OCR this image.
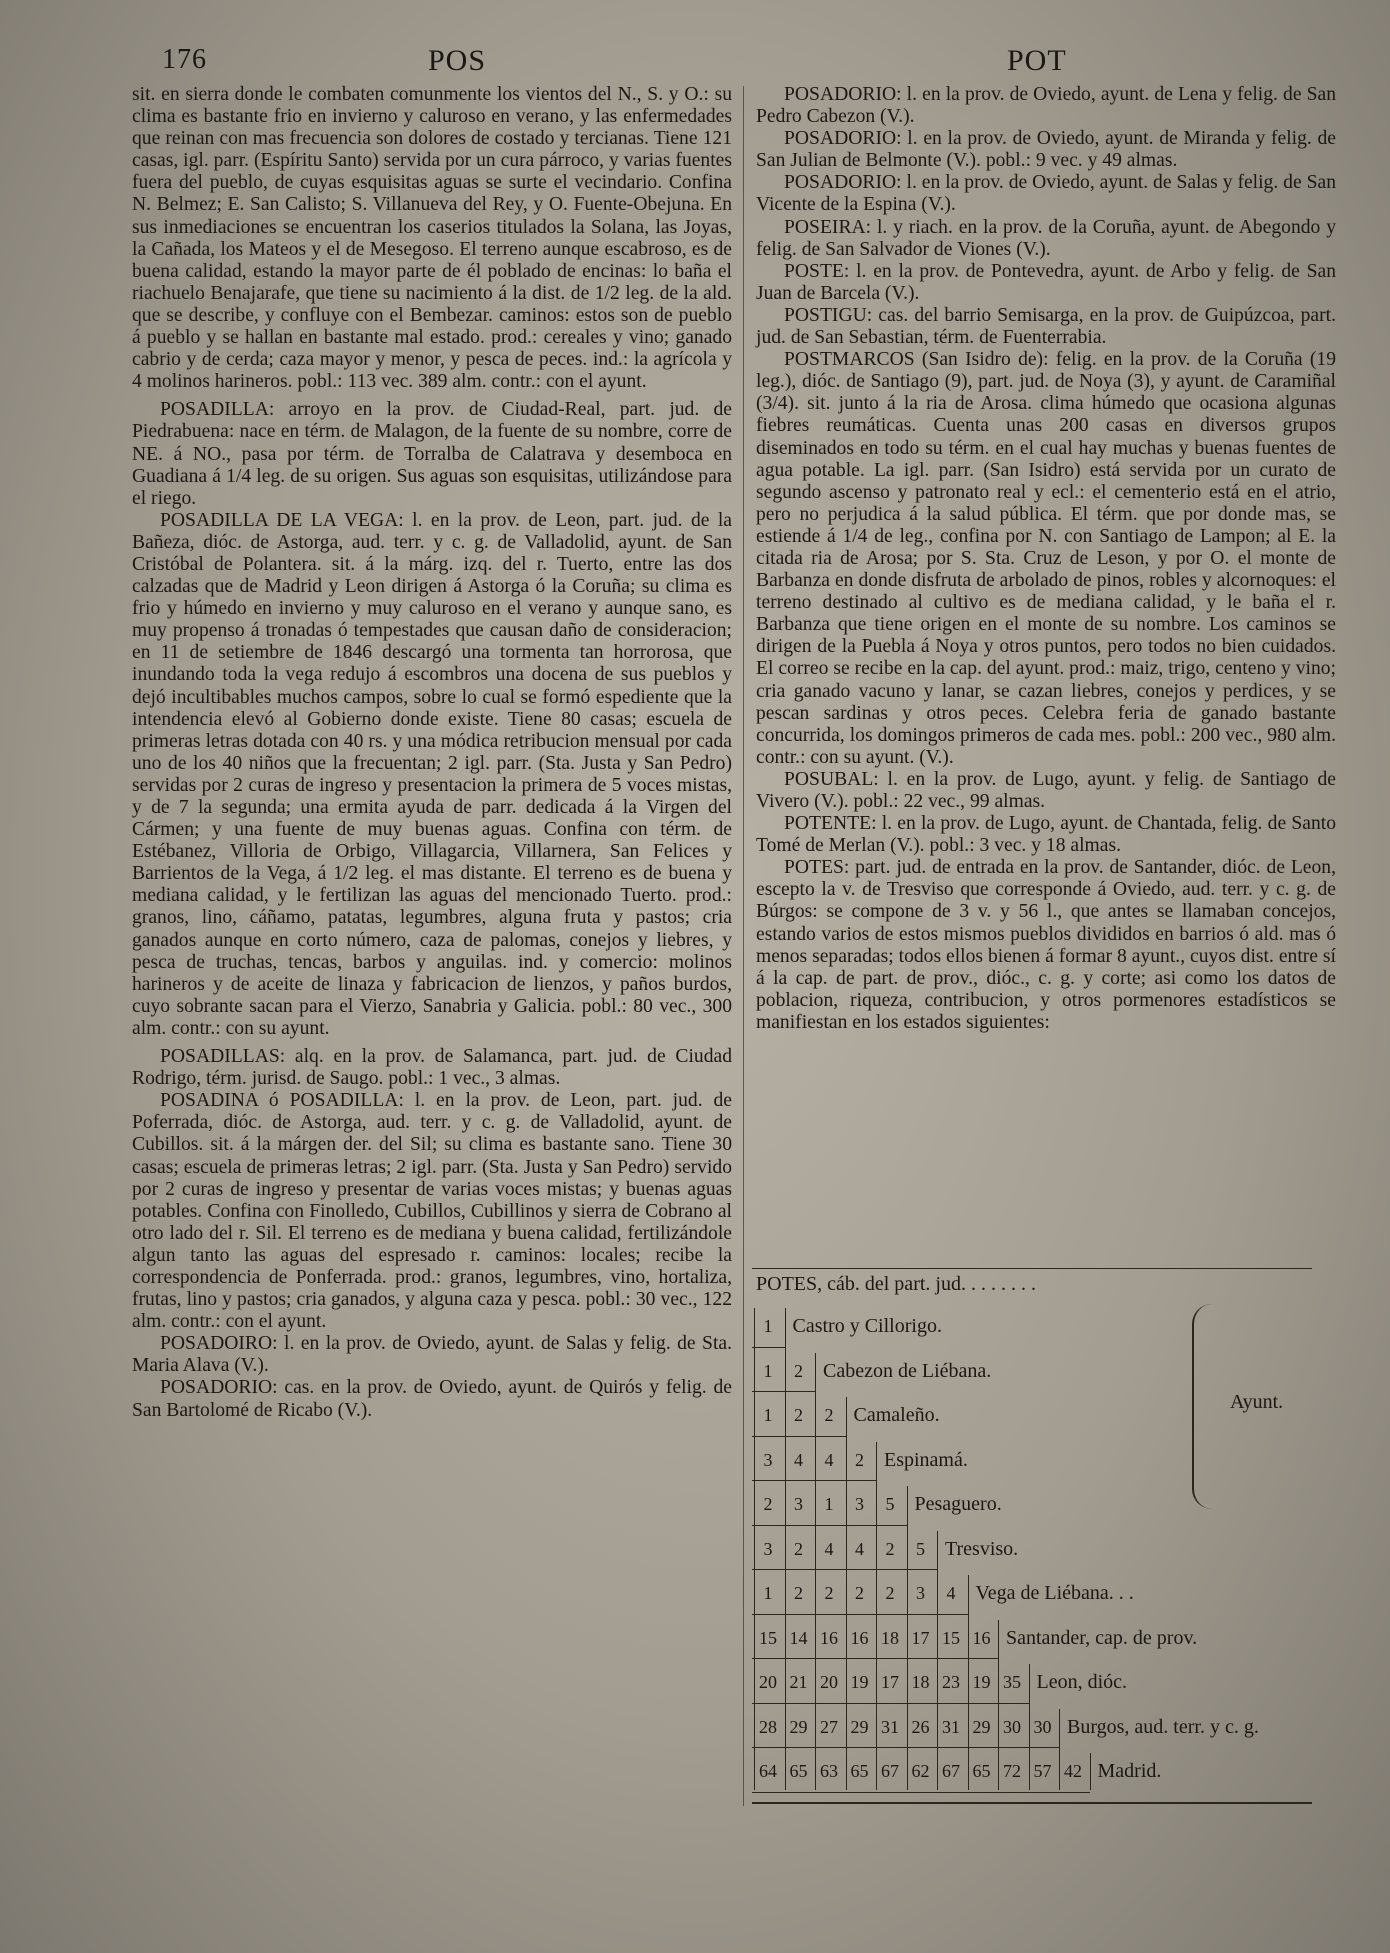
176	POS	POT

sit. en sierra donde le combaten comunmente los vientos del N., S. y O.: su clima es bastante frio en invierno y caluroso en verano, y las enfermedades que reinan con mas frecuencia son dolores de costado y tercianas. Tiene 121 casas, igl. parr. (Espíritu Santo) servida por un cura párroco, y varias fuentes fuera del pueblo, de cuyas esquisitas aguas se surte el vecindario. Confina N. Belmez; E. San Calisto; S. Villanueva del Rey, y O. Fuente-Obejuna. En sus inmediaciones se encuentran los caserios titulados la Solana, las Joyas, la Cañada, los Mateos y el de Mesegoso. El terreno aunque escabroso, es de buena calidad, estando la mayor parte de él poblado de encinas: lo baña el riachuelo Benajarafe, que tiene su nacimiento á la dist. de 1/2 leg. de la ald. que se describe, y confluye con el Bembezar. caminos: estos son de pueblo á pueblo y se hallan en bastante mal estado. prod.: cereales y vino; ganado cabrio y de cerda; caza mayor y menor, y pesca de peces. ind.: la agrícola y 4 molinos harineros. pobl.: 113 vec. 389 alm. contr.: con el ayunt.

POSADILLA: arroyo en la prov. de Ciudad-Real, part. jud. de Piedrabuena: nace en térm. de Malagon, de la fuente de su nombre, corre de NE. á NO., pasa por térm. de Torralba de Calatrava y desemboca en Guadiana á 1/4 leg. de su origen. Sus aguas son esquisitas, utilizándose para el riego.

POSADILLA DE LA VEGA: l. en la prov. de Leon, part. jud. de la Bañeza, dióc. de Astorga, aud. terr. y c. g. de Valladolid, ayunt. de San Cristóbal de Polantera. sit. á la márg. izq. del r. Tuerto, entre las dos calzadas que de Madrid y Leon dirigen á Astorga ó la Coruña; su clima es frio y húmedo en invierno y muy caluroso en el verano y aunque sano, es muy propenso á tronadas ó tempestades que causan daño de consideracion; en 11 de setiembre de 1846 descargó una tormenta tan horrorosa, que inundando toda la vega redujo á escombros una docena de sus pueblos y dejó incultibables muchos campos, sobre lo cual se formó espediente que la intendencia elevó al Gobierno donde existe. Tiene 80 casas; escuela de primeras letras dotada con 40 rs. y una módica retribucion mensual por cada uno de los 40 niños que la frecuentan; 2 igl. parr. (Sta. Justa y San Pedro) servidas por 2 curas de ingreso y presentacion la primera de 5 voces mistas, y de 7 la segunda; una ermita ayuda de parr. dedicada á la Virgen del Cármen; y una fuente de muy buenas aguas. Confina con térm. de Estébanez, Villoria de Orbigo, Villagarcia, Villarnera, San Felices y Barrientos de la Vega, á 1/2 leg. el mas distante. El terreno es de buena y mediana calidad, y le fertilizan las aguas del mencionado Tuerto. prod.: granos, lino, cáñamo, patatas, legumbres, alguna fruta y pastos; cria ganados aunque en corto número, caza de palomas, conejos y liebres, y pesca de truchas, tencas, barbos y anguilas. ind. y comercio: molinos harineros y de aceite de linaza y fabricacion de lienzos, y paños burdos, cuyo sobrante sacan para el Vierzo, Sanabria y Galicia. pobl.: 80 vec., 300 alm. contr.: con su ayunt.

POSADILLAS: alq. en la prov. de Salamanca, part. jud. de Ciudad Rodrigo, térm. jurisd. de Saugo. pobl.: 1 vec., 3 almas.

POSADINA ó POSADILLA: l. en la prov. de Leon, part. jud. de Poferrada, dióc. de Astorga, aud. terr. y c. g. de Valladolid, ayunt. de Cubillos. sit. á la márgen der. del Sil; su clima es bastante sano. Tiene 30 casas; escuela de primeras letras; 2 igl. parr. (Sta. Justa y San Pedro) servido por 2 curas de ingreso y presentar de varias voces mistas; y buenas aguas potables. Confina con Finolledo, Cubillos, Cubillinos y sierra de Cobrano al otro lado del r. Sil. El terreno es de mediana y buena calidad, fertilizándole algun tanto las aguas del espresado r. caminos: locales; recibe la correspondencia de Ponferrada. prod.: granos, legumbres, vino, hortaliza, frutas, lino y pastos; cria ganados, y alguna caza y pesca. pobl.: 30 vec., 122 alm. contr.: con el ayunt.

POSADOIRO: l. en la prov. de Oviedo, ayunt. de Salas y felig. de Sta. Maria Alava (V.).

POSADORIO: cas. en la prov. de Oviedo, ayunt. de Quirós y felig. de San Bartolomé de Ricabo (V.).

POSADORIO: l. en la prov. de Oviedo, ayunt. de Lena y felig. de San Pedro Cabezon (V.).

POSADORIO: l. en la prov. de Oviedo, ayunt. de Miranda y felig. de San Julian de Belmonte (V.). pobl.: 9 vec. y 49 almas.

POSADORIO: l. en la prov. de Oviedo, ayunt. de Salas y felig. de San Vicente de la Espina (V.).

POSEIRA: l. y riach. en la prov. de la Coruña, ayunt. de Abegondo y felig. de San Salvador de Viones (V.).

POSTE: l. en la prov. de Pontevedra, ayunt. de Arbo y felig. de San Juan de Barcela (V.).

POSTIGU: cas. del barrio Semisarga, en la prov. de Guipúzcoa, part. jud. de San Sebastian, térm. de Fuenterrabia.

POSTMARCOS (San Isidro de): felig. en la prov. de la Coruña (19 leg.), dióc. de Santiago (9), part. jud. de Noya (3), y ayunt. de Caramiñal (3/4). sit. junto á la ria de Arosa. clima húmedo que ocasiona algunas fiebres reumáticas. Cuenta unas 200 casas en diversos grupos diseminados en todo su térm. en el cual hay muchas y buenas fuentes de agua potable. La igl. parr. (San Isidro) está servida por un curato de segundo ascenso y patronato real y ecl.: el cementerio está en el atrio, pero no perjudica á la salud pública. El térm. que por donde mas, se estiende á 1/4 de leg., confina por N. con Santiago de Lampon; al E. la citada ria de Arosa; por S. Sta. Cruz de Leson, y por O. el monte de Barbanza en donde disfruta de arbolado de pinos, robles y alcornoques: el terreno destinado al cultivo es de mediana calidad, y le baña el r. Barbanza que tiene origen en el monte de su nombre. Los caminos se dirigen de la Puebla á Noya y otros puntos, pero todos no bien cuidados. El correo se recibe en la cap. del ayunt. prod.: maiz, trigo, centeno y vino; cria ganado vacuno y lanar, se cazan liebres, conejos y perdices, y se pescan sardinas y otros peces. Celebra feria de ganado bastante concurrida, los domingos primeros de cada mes. pobl.: 200 vec., 980 alm. contr.: con su ayunt. (V.).

POSUBAL: l. en la prov. de Lugo, ayunt. y felig. de Santiago de Vivero (V.). pobl.: 22 vec., 99 almas.

POTENTE: l. en la prov. de Lugo, ayunt. de Chantada, felig. de Santo Tomé de Merlan (V.). pobl.: 3 vec. y 18 almas.

POTES: part. jud. de entrada en la prov. de Santander, dióc. de Leon, escepto la v. de Tresviso que corresponde á Oviedo, aud. terr. y c. g. de Búrgos: se compone de 3 v. y 56 l., que antes se llamaban concejos, estando varios de estos mismos pueblos divididos en barrios ó ald. mas ó menos separadas; todos ellos bienen á formar 8 ayunt., cuyos dist. entre sí á la cap. de part. de prov., dióc., c. g. y corte; asi como los datos de poblacion, riqueza, contribucion, y otros pormenores estadísticos se manifiestan en los estados siguientes:

POTES, cáb. del part. jud. . . . . . . .
Ayunt.
1	Castro y Cillorigo.
1	2	Cabezon de Liébana.
1	2	2	Camaleño.
3	4	4	2	Espinamá.
2	3	1	3	5	Pesaguero.
3	2	4	4	2	5	Tresviso.
1	2	2	2	2	3	4	Vega de Liébana. . .
15 14 16 16 18 17 15 16 Santander, cap. de prov.
20 21 20 19 17 18 23 19 35 Leon, dióc.
28 29 27 29 31 26 31 29 30 30 Burgos, aud. terr. y c. g.
64 65 63 65 67 62 67 65 72 57 42 Madrid.
